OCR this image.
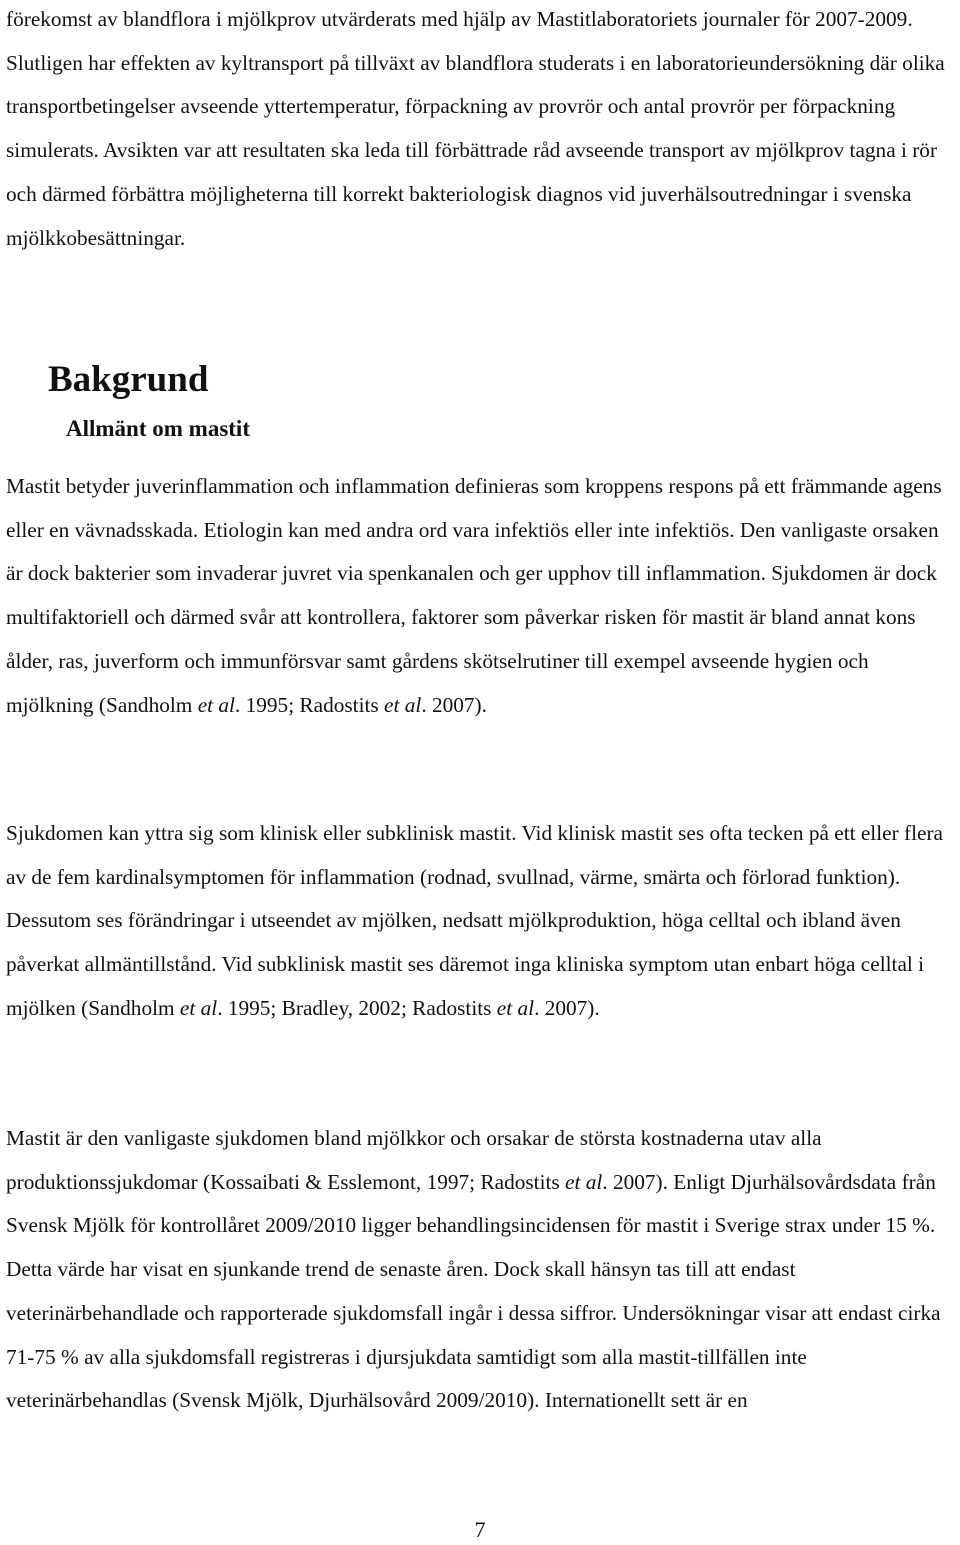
förekomst av blandflora i mjölkprov utvärderats med hjälp av Mastitlaboratoriets journaler för 2007-2009. Slutligen har effekten av kyltransport på tillväxt av blandflora studerats i en laboratorieundersökning där olika transportbetingelser avseende yttertemperatur, förpackning av provrör och antal provrör per förpackning simulerats. Avsikten var att resultaten ska leda till förbättrade råd avseende transport av mjölkprov tagna i rör och därmed förbättra möjligheterna till korrekt bakteriologisk diagnos vid juverhälsoutredningar i svenska mjölkkobesättningar.

Bakgrund
Allmänt om mastit

Mastit betyder juverinflammation och inflammation definieras som kroppens respons på ett främmande agens eller en vävnadsskada. Etiologin kan med andra ord vara infektiös eller inte infektiös. Den vanligaste orsaken är dock bakterier som invaderar juvret via spenkanalen och ger upphov till inflammation. Sjukdomen är dock multifaktoriell och därmed svår att kontrollera, faktorer som påverkar risken för mastit är bland annat kons ålder, ras, juverform och immunförsvar samt gårdens skötselrutiner till exempel avseende hygien och mjölkning (Sandholm et al. 1995; Radostits et al. 2007).

Sjukdomen kan yttra sig som klinisk eller subklinisk mastit. Vid klinisk mastit ses ofta tecken på ett eller flera av de fem kardinalsymptomen för inflammation (rodnad, svullnad, värme, smärta och förlorad funktion). Dessutom ses förändringar i utseendet av mjölken, nedsatt mjölkproduktion, höga celltal och ibland även påverkat allmäntillstånd. Vid subklinisk mastit ses däremot inga kliniska symptom utan enbart höga celltal i mjölken (Sandholm et al. 1995; Bradley, 2002; Radostits et al. 2007).

Mastit är den vanligaste sjukdomen bland mjölkkor och orsakar de största kostnaderna utav alla produktionssjukdomar (Kossaibati & Esslemont, 1997; Radostits et al. 2007). Enligt Djurhälsovårdsdata från Svensk Mjölk för kontrollåret 2009/2010 ligger behandlingsincidensen för mastit i Sverige strax under 15 %. Detta värde har visat en sjunkande trend de senaste åren. Dock skall hänsyn tas till att endast veterinärbehandlade och rapporterade sjukdomsfall ingår i dessa siffror. Undersökningar visar att endast cirka 71-75 % av alla sjukdomsfall registreras i djursjukdata samtidigt som alla mastit-tillfällen inte veterinärbehandlas (Svensk Mjölk, Djurhälsovård 2009/2010). Internationellt sett är en

7
